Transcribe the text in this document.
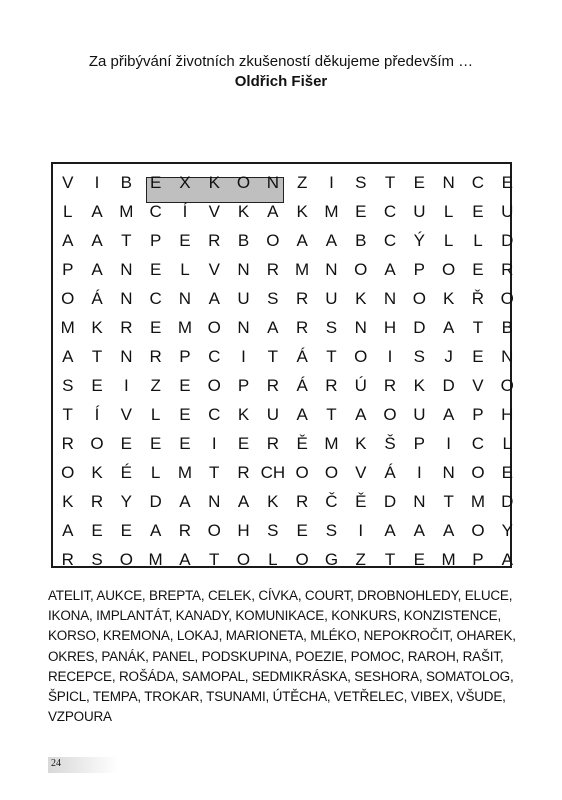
Za přibývání životních zkušeností děkujeme především …
Oldřich Fišer
V	I	B	E	X	K	O N	Z	I	S	T	E	N	C	E
L	A M C	Í	V	K	A	K M E	C	U	L	E	U
A	A	T	P	E	R	B	O	A	A	B	C	Ý	L	L	D
P	A	N	E	L	V	N	R M N O	A	P	O	E	R
O	Á	N	C	N	A	U	S	R	U	K	N O	K	Ř O
M K	R	E M O N	A	R	S	N	H	D	A	T	B
A	T	N	R	P	C	I	T	Á	T	O	I	S	J	E	N
S	E	I	Z	E	O	P	R	Á	R	Ú	R	K	D	V	O
T	Í	V	L	E	C	K	U	A	T	A	O U	A	P	H
R O	E	E	E	I	E	R	Ě M K	Š	P	I	C	L
O	K	É	L	M	T	R CH O O	V	Á	I	N O	E
K	R	Y	D	A	N	A	K	R	Č	Ě	D	N	T	M D
A	E	E	A	R O H	S	E	S	I	A	A	A	O	Y
R	S	O M A	T	O	L	O G	Z	T	E M P	A
ATELIT, AUKCE, BREPTA, CELEK, CÍVKA, COURT, DROBNOHLEDY, ELUCE, IKONA, IMPLANTÁT, KANADY, KOMUNIKACE, KONKURS, KONZISTENCE, KORSO, KREMONA, LOKAJ, MARIONETA, MLÉKO, NEPOKROČIT, OHAREK, OKRES, PANÁK, PANEL, PODSKUPINA, POEZIE, POMOC, RAROH, RAŠIT, RECEPCE, ROŠÁDA, SAMOPAL, SEDMIKRÁSKA, SESHORA, SOMATOLOG, ŠPICL, TEMPA, TROKAR, TSUNAMI, ÚTĚCHA, VETŘELEC, VIBEX, VŠUDE, VZPOURA
24
